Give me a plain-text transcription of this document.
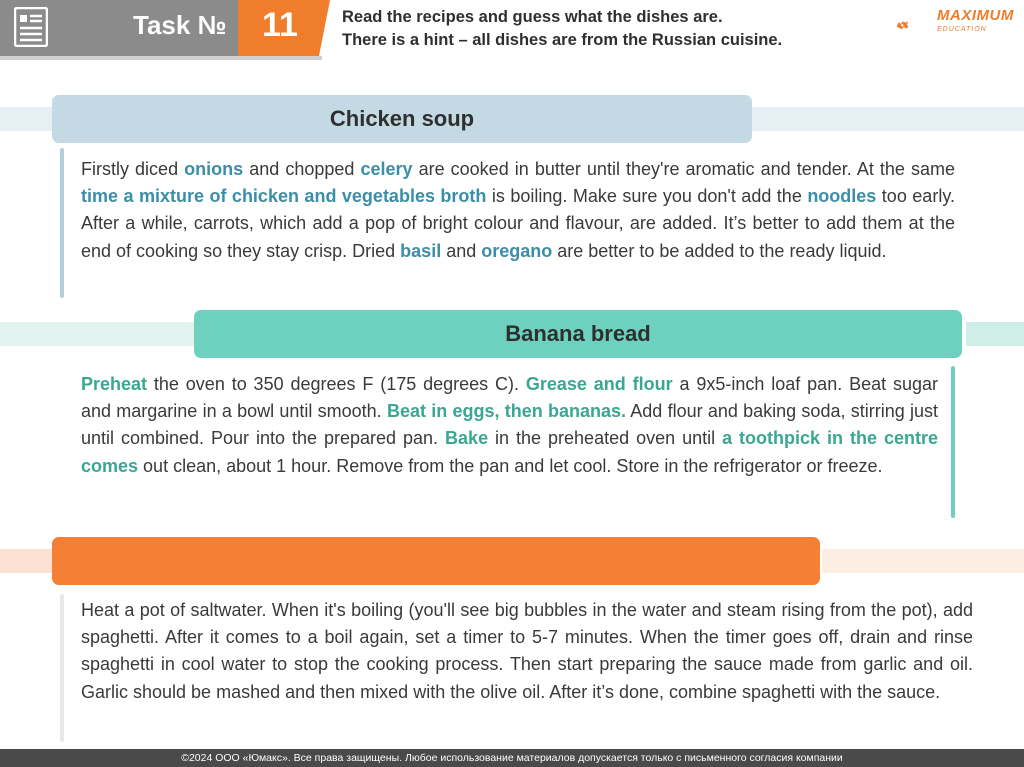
Task № 11	Read the recipes and guess what the dishes are.
There is a hint – all dishes are from the Russian cuisine.
MAXIMUM
EDUCATION
Chicken soup

Firstly diced onions and chopped celery are cooked in butter until they're aromatic and tender. At the same time a mixture of chicken and vegetables broth is boiling. Make sure you don't add the noodles too early. After a while, carrots, which add a pop of bright colour and flavour, are added. It’s better to add them at the end of cooking so they stay crisp. Dried basil and oregano are better to be added to the ready liquid.

Banana bread

Preheat the oven to 350 degrees F (175 degrees C). Grease and flour a 9x5-inch loaf pan. Beat sugar and margarine in a bowl until smooth. Beat in eggs, then bananas. Add flour and baking soda, stirring just until combined. Pour into the prepared pan. Bake in the preheated oven until a toothpick in the centre comes out clean, about 1 hour. Remove from the pan and let cool. Store in the refrigerator or freeze.

Heat a pot of saltwater. When it's boiling (you'll see big bubbles in the water and steam rising from the pot), add spaghetti. After it comes to a boil again, set a timer to 5-7 minutes. When the timer goes off, drain and rinse spaghetti in cool water to stop the cooking process. Then start preparing the sauce made from garlic and oil. Garlic should be mashed and then mixed with the olive oil. After it’s done, combine spaghetti with the sauce.

©2024 ООО «Юмакс». Все права защищены. Любое использование материалов допускается только с письменного согласия компании
